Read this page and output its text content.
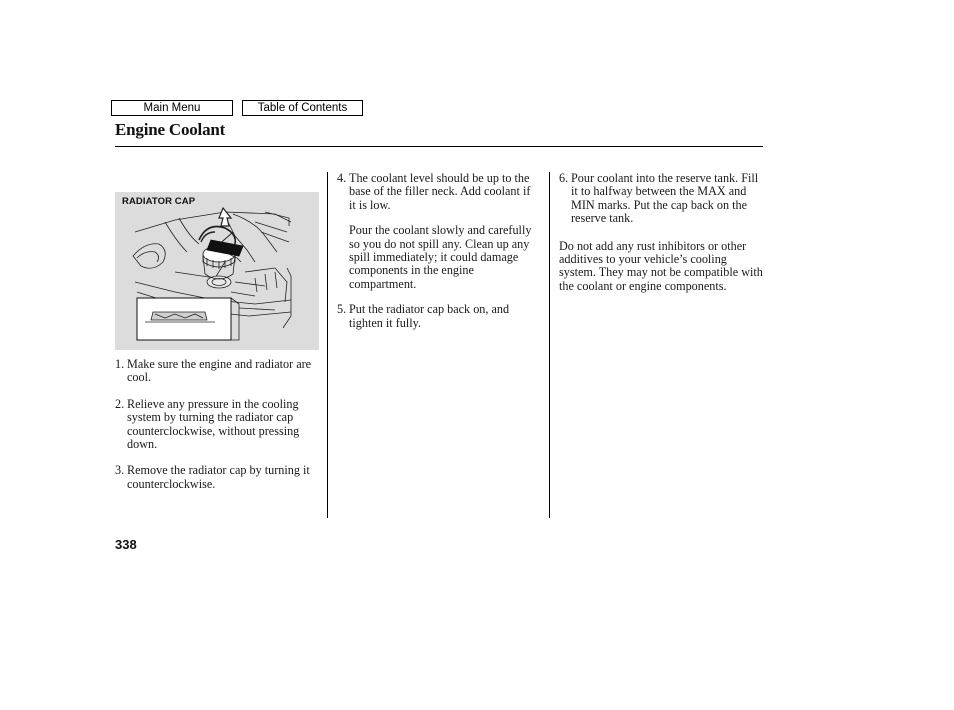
Main Menu	Table of Contents
Engine Coolant
RADIATOR CAP
1. Make sure the engine and radiator are cool.
2. Relieve any pressure in the cooling system by turning the radiator cap counterclockwise, without pressing down.
3. Remove the radiator cap by turning it counterclockwise.
4. The coolant level should be up to the base of the filler neck. Add coolant if it is low.

Pour the coolant slowly and carefully so you do not spill any. Clean up any spill immediately; it could damage components in the engine compartment.

5. Put the radiator cap back on, and tighten it fully.
6. Pour coolant into the reserve tank. Fill it to halfway between the MAX and MIN marks. Put the cap back on the reserve tank.

Do not add any rust inhibitors or other additives to your vehicle’s cooling system. They may not be compatible with the coolant or engine components.

338
